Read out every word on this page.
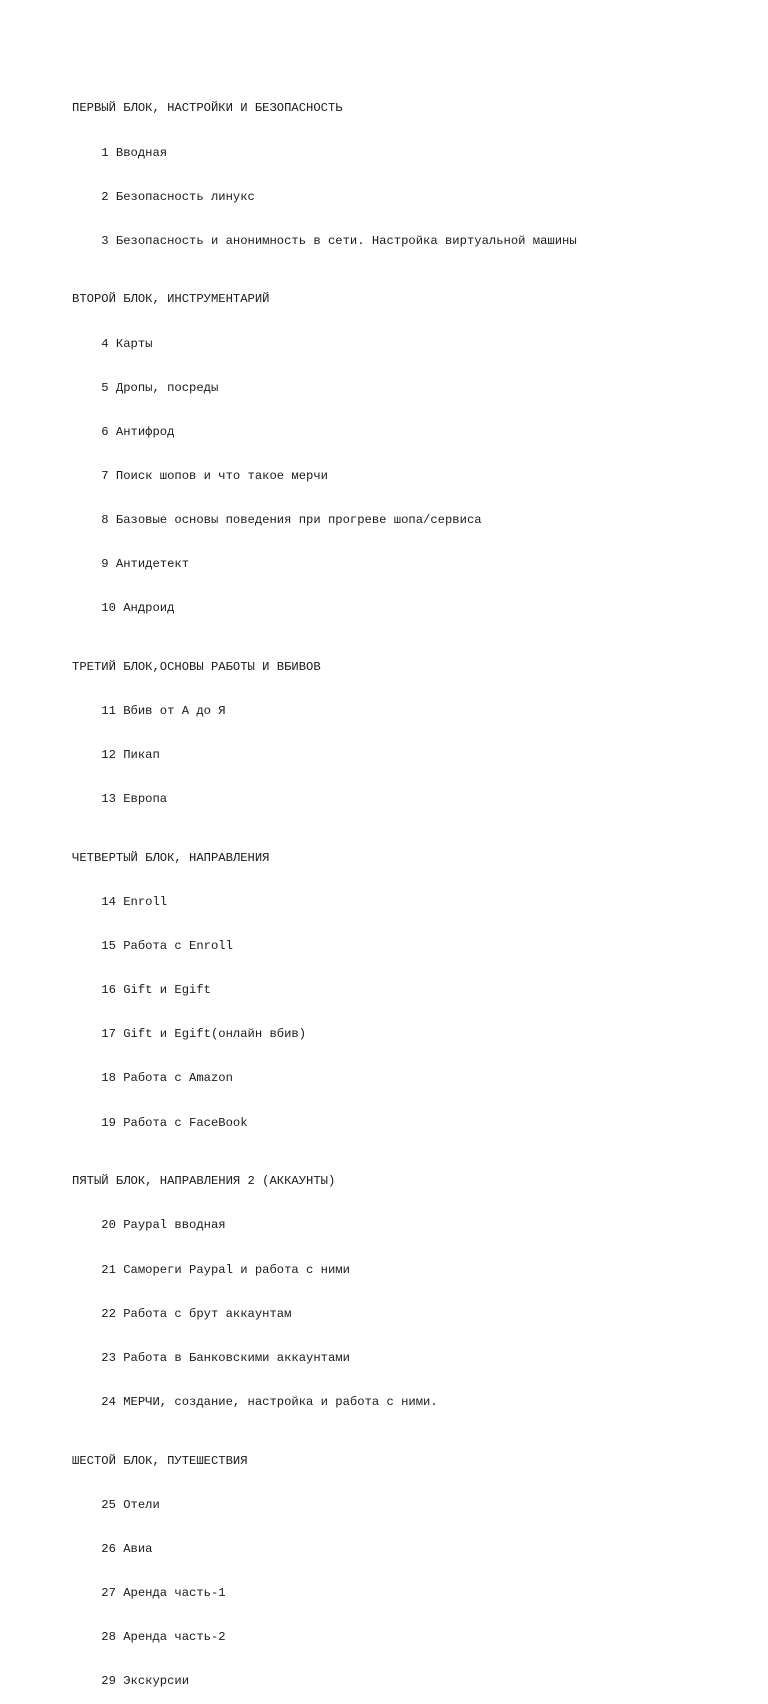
ПЕРВЫЙ БЛОК, НАСТРОЙКИ И БЕЗОПАСНОСТЬ

1 Вводная

2 Безопасность линукс

3 Безопасность и анонимность в сети. Настройка виртуальной машины

ВТОРОЙ БЛОК, ИНСТРУМЕНТАРИЙ

4 Карты

5 Дропы, посреды

6 Антифрод

7 Поиск шопов и что такое мерчи

8 Базовые основы поведения при прогреве шопа/сервиса

9 Антидетект

10 Андроид

ТРЕТИЙ БЛОК,ОСНОВЫ РАБОТЫ И ВБИВОВ

11 Вбив от А до Я

12 Пикап

13 Европа

ЧЕТВЕРТЫЙ БЛОК, НАПРАВЛЕНИЯ

14 Enroll

15 Работа с Enroll

16 Gift и Egift

17 Gift и Egift(онлайн вбив)

18 Работа с Amazon

19 Работа с FaceBook

ПЯТЫЙ БЛОК, НАПРАВЛЕНИЯ 2 (АККАУНТЫ)

20 Paypal вводная

21 Самореги Paypal и работа с ними

22 Работа с брут аккаунтам

23 Работа в Банковскими аккаунтами

24 МЕРЧИ, создание, настройка и работа с ними.

ШЕСТОЙ БЛОК, ПУТЕШЕСТВИЯ

25 Отели

26 Авиа

27 Аренда часть-1

28 Аренда часть-2

29 Экскурсии
